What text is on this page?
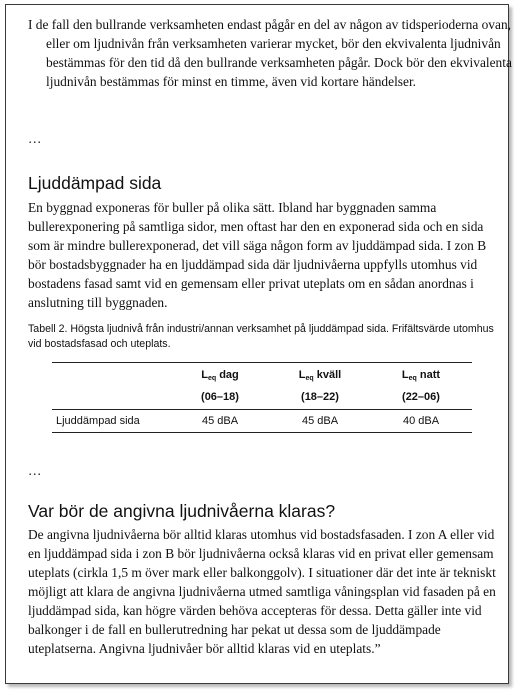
I de fall den bullrande verksamheten endast pågår en del av någon av tidsperioderna ovan, eller om ljudnivån från verksamheten varierar mycket, bör den ekvivalenta ljudnivån bestämmas för den tid då den bullrande verksamheten pågår. Dock bör den ekvivalenta ljudnivån bestämmas för minst en timme, även vid kortare händelser.

…

Ljuddämpad sida

En byggnad exponeras för buller på olika sätt. Ibland har byggnaden samma bullerexponering på samtliga sidor, men oftast har den en exponerad sida och en sida som är mindre bullerexponerad, det vill säga någon form av ljuddämpad sida. I zon B bör bostadsbyggnader ha en ljuddämpad sida där ljudnivåerna uppfylls utomhus vid bostadens fasad samt vid en gemensam eller privat uteplats om en sådan anordnas i anslutning till byggnaden.

Tabell 2. Högsta ljudnivå från industri/annan verksamhet på ljuddämpad sida. Frifältsvärde utomhus vid bostadsfasad och uteplats.

	$L_{eq}$ dag	$L_{eq}$ kväll	$L_{eq}$ natt
	(06–18)	(18–22)	(22–06)
Ljuddämpad sida	45 dBA	45 dBA	40 dBA

…

Var bör de angivna ljudnivåerna klaras?

De angivna ljudnivåerna bör alltid klaras utomhus vid bostadsfasaden. I zon A eller vid en ljuddämpad sida i zon B bör ljudnivåerna också klaras vid en privat eller gemensam uteplats (cirkla 1,5 m över mark eller balkonggolv). I situationer där det inte är tekniskt möjligt att klara de angivna ljudnivåerna utmed samtliga våningsplan vid fasaden på en ljuddämpad sida, kan högre värden behöva accepteras för dessa. Detta gäller inte vid balkonger i de fall en bullerutredning har pekat ut dessa som de ljuddämpade uteplatserna. Angivna ljudnivåer bör alltid klaras vid en uteplats.”
